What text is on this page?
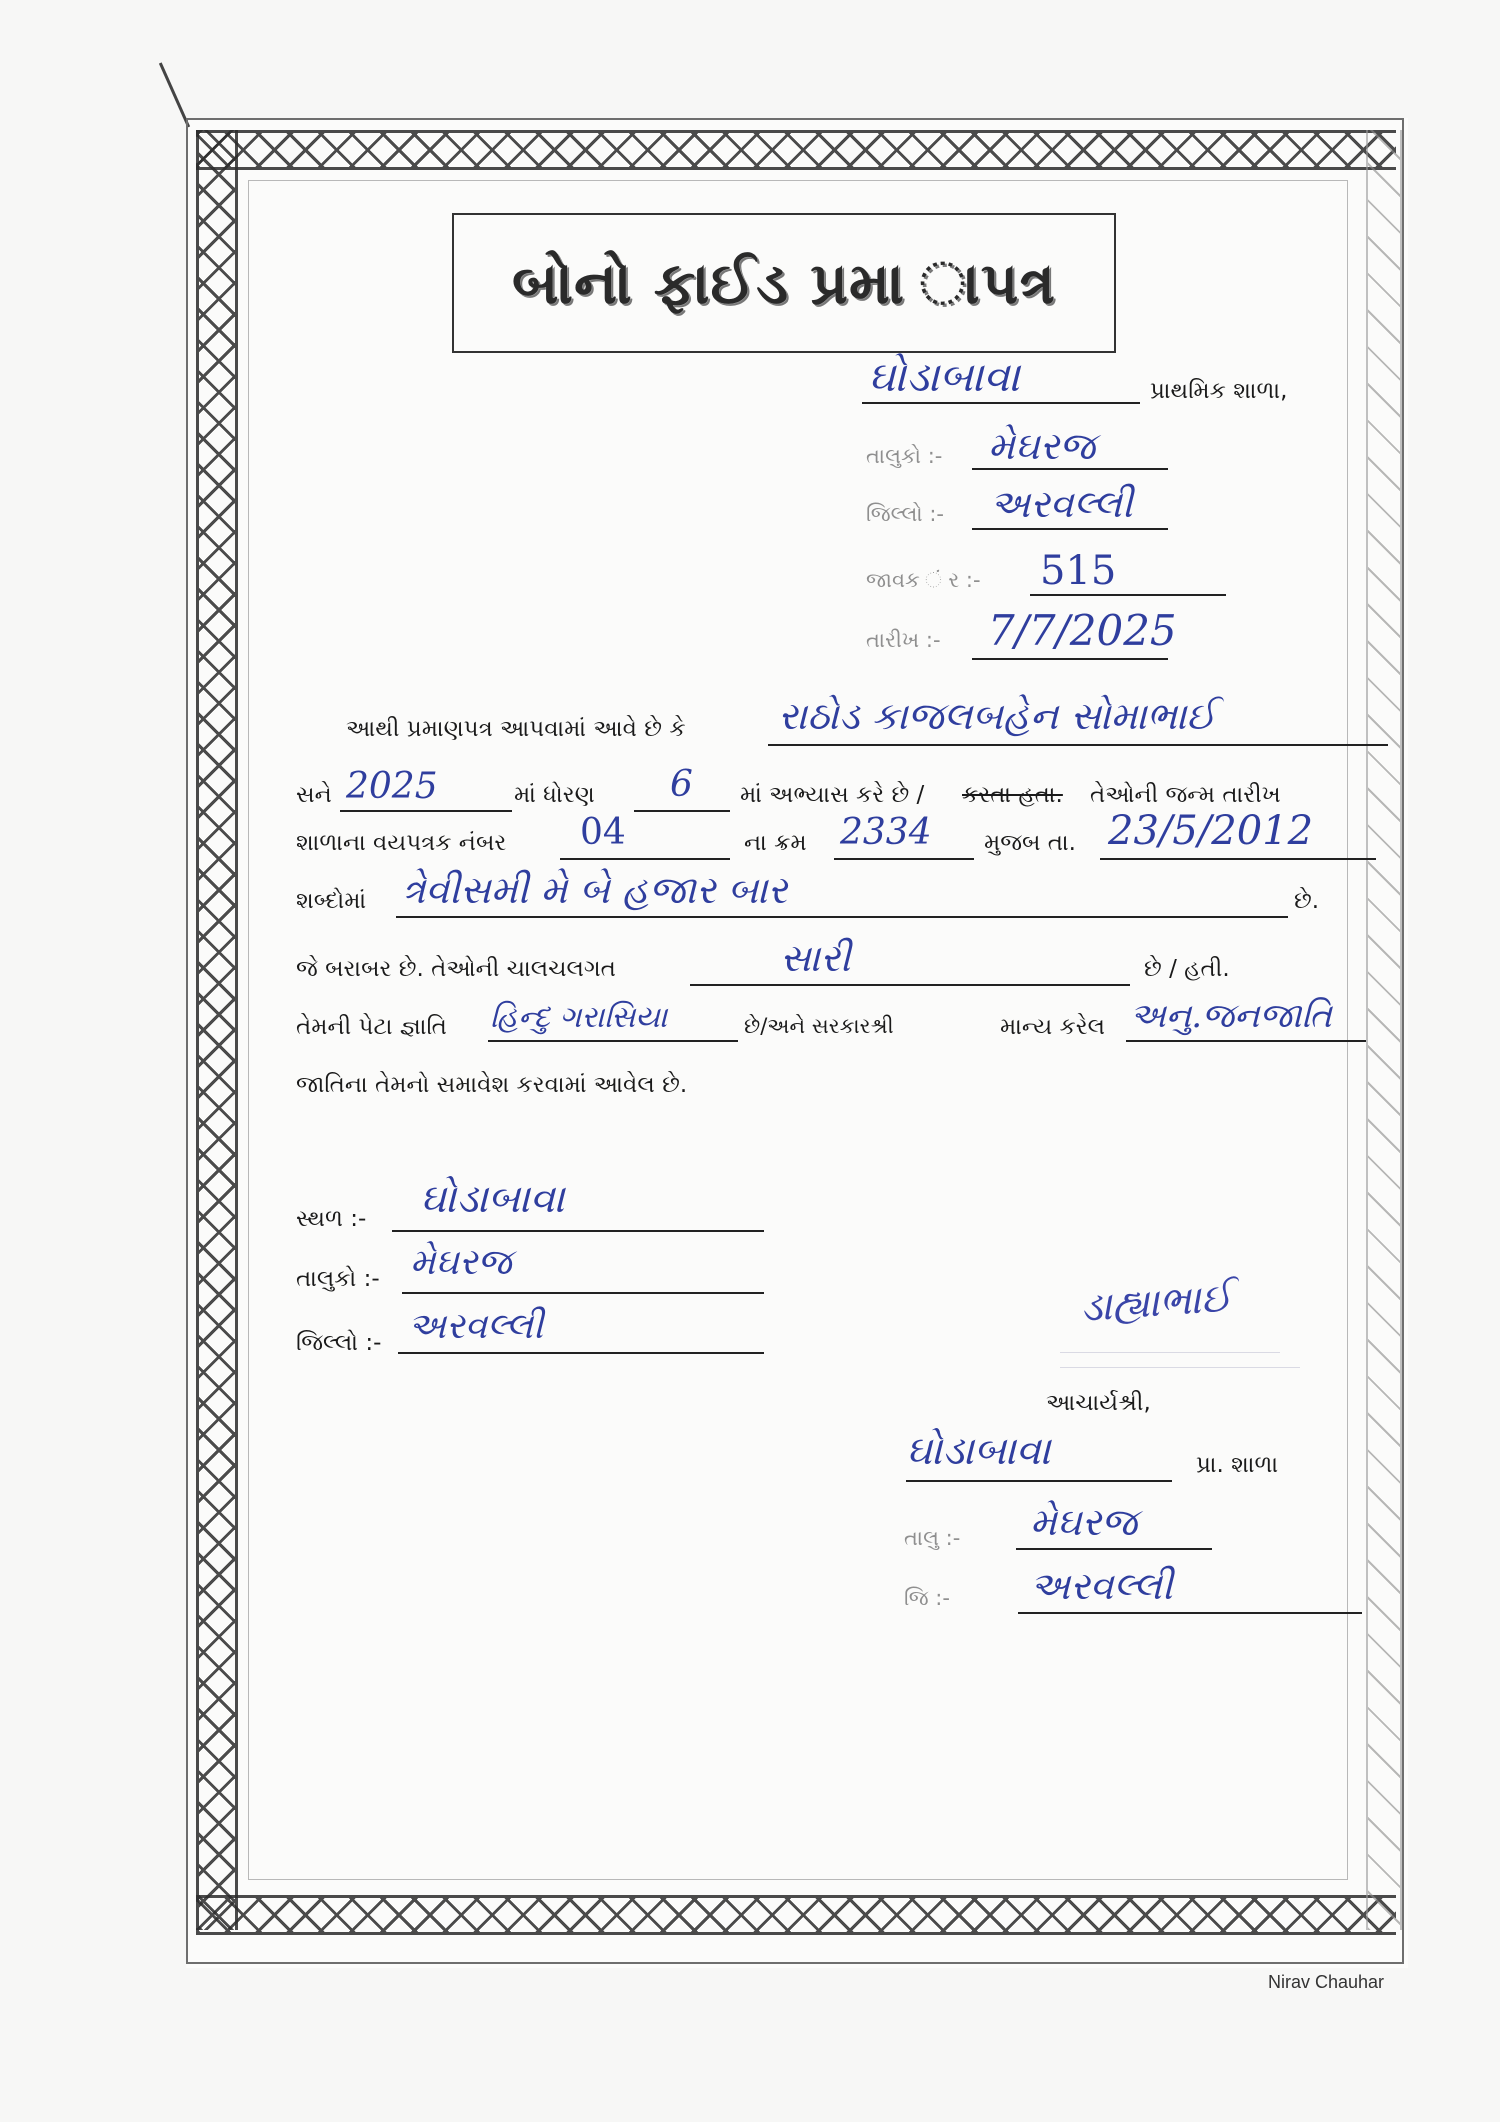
બોનો ફાઈડ પ્રમા ાપત્ર
ઘોડાબાવા	પ્રાથમિક શાળા,
તાલુકો :- મેઘરજ
જિલ્લો :- અરવલ્લી
જાવક ં ર :- 515
તારીખ :- 7/7/2025
આથી પ્રમાણપત્ર આપવામાં આવે છે કે રાઠોડ કાજલબહેન સોમાભાઈ
સને 2025	માં ધોરણ 6 માં અભ્યાસ કરે છે / કરતા હતા. તેઓની જન્મ તારીખ
શાળાના વયપત્રક નંબર 04	ના ક્રમ 2334 મુજબ તા. 23/5/2012
શબ્દોમાં ત્રેવીસમી મે બે હજાર બાર	છે.
જે બરાબર છે. તેઓની ચાલચલગત	સારી	છે / હતી.
તેમની પેટા જ્ઞાતિ હિન્દુ ગરાસિયા	છે/અને સરકારશ્રી	માન્ય કરેલ અનુ.જનજાતિ
જાતિના તેમનો સમાવેશ કરવામાં આવેલ છે.
સ્થળ :- ઘોડાબાવા
તાલુકો :- મેઘરજ
જિલ્લો :- અરવલ્લી	ડાહ્યાભાઈ
આચાર્યશ્રી,
ઘોડાબાવા	પ્રા. શાળા
તાલુ :- મેઘરજ
જિ :- અરવલ્લી
Nirav Chauhar
